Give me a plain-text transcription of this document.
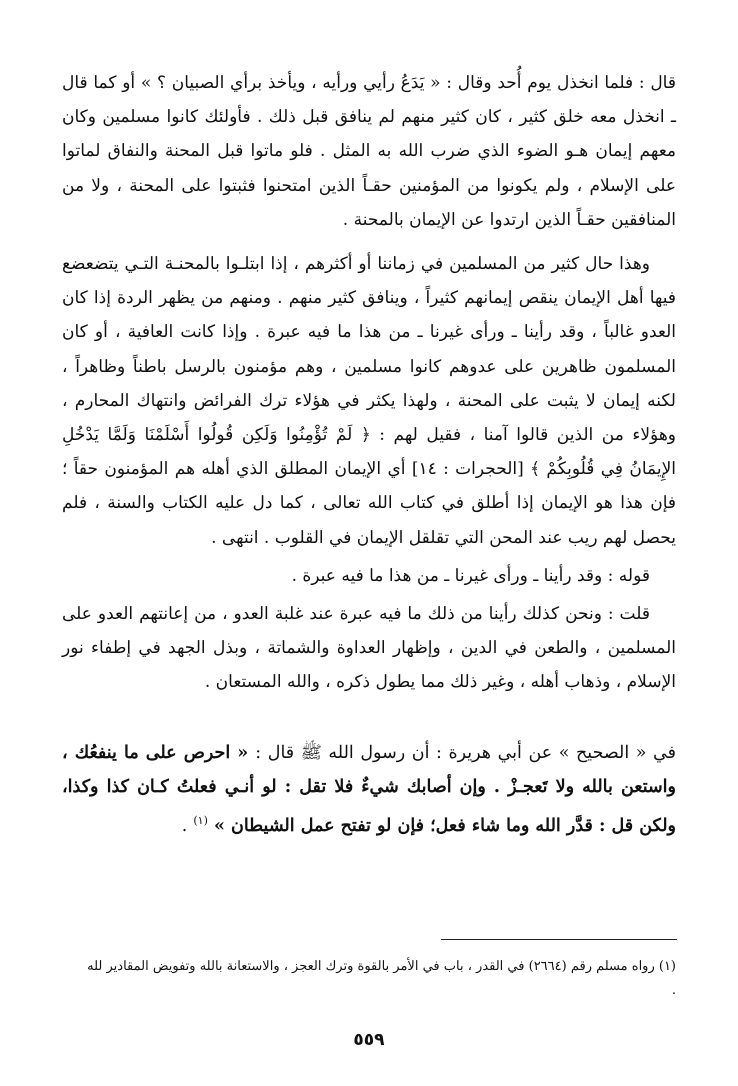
قال : فلما انخذل يوم أُحد وقال : « يَدَعُ رأيي ورأيه ، ويأخذ برأي الصبيان ؟ » أو كما قال ـ انخذل معه خلق كثير ، كان كثير منهم لم ينافق قبل ذلك . فأولئك كانوا مسلمين وكان معهم إيمان هـو الضوء الذي ضرب الله به المثل . فلو ماتوا قبل المحنة والنفاق لماتوا على الإسلام ، ولم يكونوا من المؤمنين حقـاً الذين امتحنوا فثبتوا على المحنة ، ولا من المنافقين حقـاً الذين ارتدوا عن الإيمان بالمحنة .

وهذا حال كثير من المسلمين في زماننا أو أكثرهم ، إذا ابتلـوا بالمحنـة التـي يتضعضع فيها أهل الإيمان ينقص إيمانهم كثيراً ، وينافق كثير منهم . ومنهم من يظهر الردة إذا كان العدو غالباً ، وقد رأينا ـ ورأى غيرنا ـ من هذا ما فيه عبرة . وإذا كانت العافية ، أو كان المسلمون ظاهرين على عدوهم كانوا مسلمين ، وهم مؤمنون بالرسل باطناً وظاهراً ، لكنه إيمان لا يثبت على المحنة ، ولهذا يكثر في هؤلاء ترك الفرائض وانتهاك المحارم ، وهؤلاء من الذين قالوا آمنا ، فقيل لهم : ﴿ لَمْ تُؤْمِنُوا وَلَكِن قُولُوا أَسْلَمْنَا وَلَمَّا يَدْخُلِ الإِيمَانُ فِي قُلُوبِكُمْ ﴾ [الحجرات : ١٤] أي الإيمان المطلق الذي أهله هم المؤمنون حقاً ؛ فإن هذا هو الإيمان إذا أطلق في كتاب الله تعالى ، كما دل عليه الكتاب والسنة ، فلم يحصل لهم ريب عند المحن التي تقلقل الإيمان في القلوب . انتهى .

قوله : وقد رأينا ـ ورأى غيرنا ـ من هذا ما فيه عبرة .

قلت : ونحن كذلك رأينا من ذلك ما فيه عبرة عند غلبة العدو ، من إعانتهم العدو على المسلمين ، والطعن في الدين ، وإظهار العداوة والشماتة ، وبذل الجهد في إطفاء نور الإسلام ، وذهاب أهله ، وغير ذلك مما يطول ذكره ، والله المستعان .

في « الصحيح » عن أبي هريرة : أن رسول الله ﷺ قال : « احرص على ما ينفعُك ، واستعن بالله ولا تَعجـزْ . وإن أصابك شيءٌ فلا تقل : لو أنـي فعلتُ كـان كذا وكذا، ولكن قل : قدَّر الله وما شاء فعل؛ فإن لو تفتح عمل الشيطان » $^{(١)}$ .

(١) رواه مسلم رقم (٢٦٦٤) في القدر ، باب في الأمر بالقوة وترك العجز ، والاستعانة بالله وتفويض المقادير لله .
٥٥٩
